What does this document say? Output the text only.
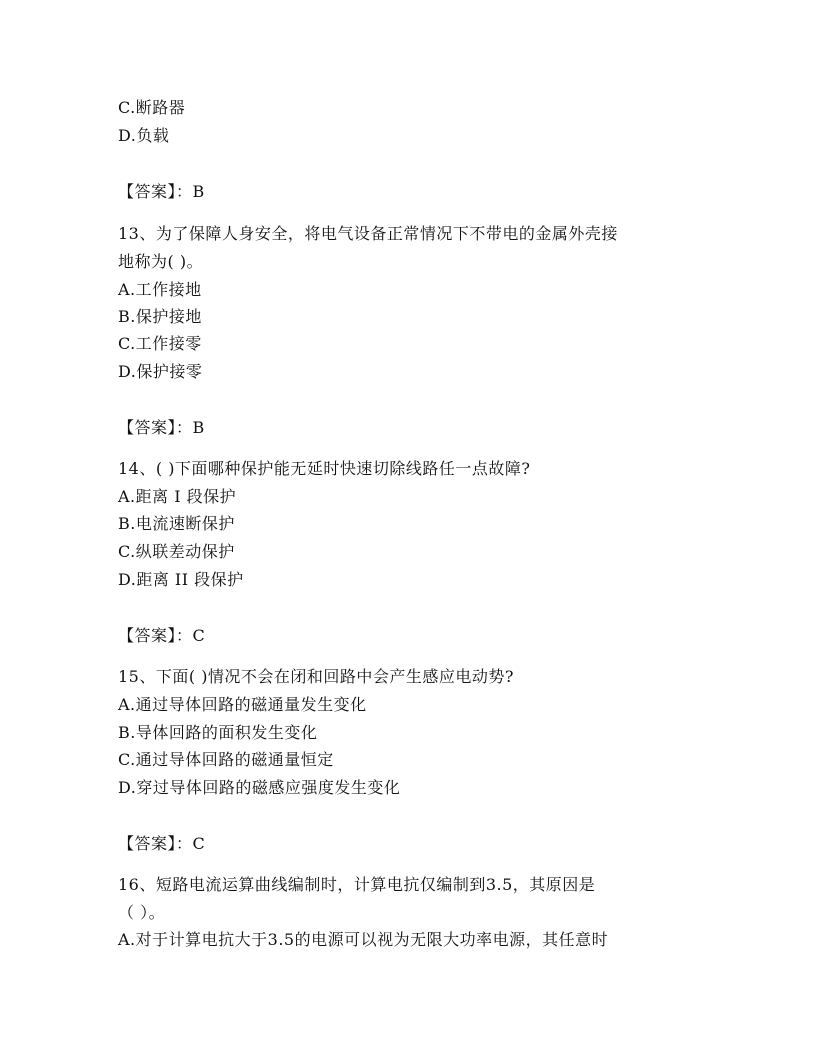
C.断路器
D.负载
【答案】：B
13、为了保障人身安全，将电气设备正常情况下不带电的金属外壳接
地称为( )。
A.工作接地
B.保护接地
C.工作接零
D.保护接零
【答案】：B
14、( )下面哪种保护能无延时快速切除线路任一点故障?
A.距离 I 段保护
B.电流速断保护
C.纵联差动保护
D.距离 II 段保护
【答案】：C
15、下面( )情况不会在闭和回路中会产生感应电动势?
A.通过导体回路的磁通量发生变化
B.导体回路的面积发生变化
C.通过导体回路的磁通量恒定
D.穿过导体回路的磁感应强度发生变化
【答案】：C
16、短路电流运算曲线编制时，计算电抗仅编制到3.5，其原因是
（ ）。
A.对于计算电抗大于3.5的电源可以视为无限大功率电源，其任意时
